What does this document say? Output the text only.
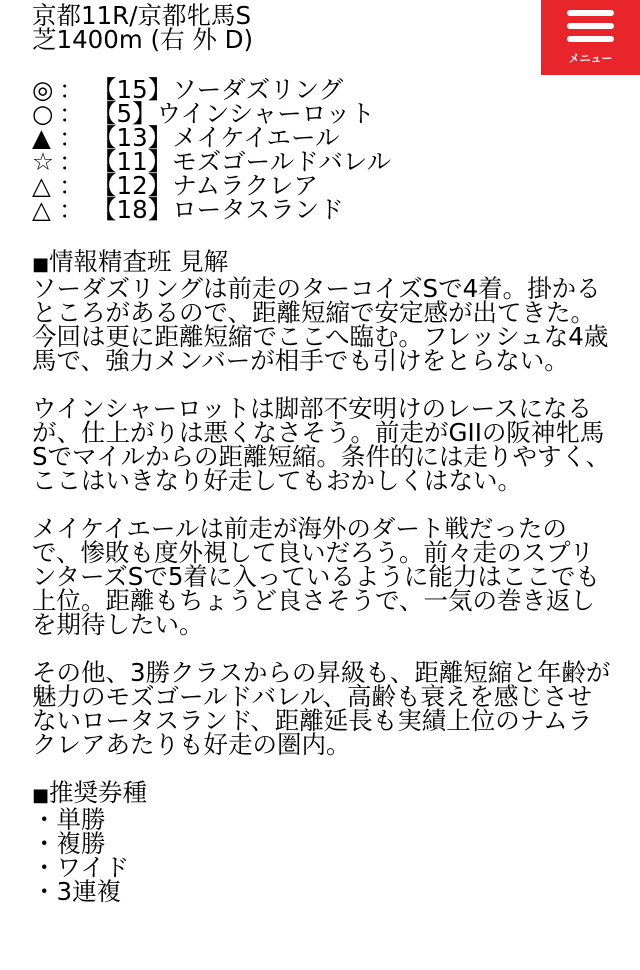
京都11R/京都牝馬S
芝1400m (右 外 D)
◎ ： 【15】 ソーダズリング
○ ： 【5】 ウインシャーロット
▲ ： 【13】 メイケイエール
☆ ： 【11】 モズゴールドバレル
△ ： 【12】 ナムラクレア
△ ： 【18】 ロータスランド
■情報精査班 見解

ソーダズリングは前走のターコイズSで4着。掛かるところがあるので、距離短縮で安定感が出てきた。今回は更に距離短縮でここへ臨む。フレッシュな4歳馬で、強力メンバーが相手でも引けをとらない。

ウインシャーロットは脚部不安明けのレースになるが、仕上がりは悪くなさそう。前走がGIIの阪神牝馬Sでマイルからの距離短縮。条件的には走りやすく、ここはいきなり好走してもおかしくはない。

メイケイエールは前走が海外のダート戦だったので、惨敗も度外視して良いだろう。前々走のスプリンターズSで5着に入っているように能力はここでも上位。距離もちょうど良さそうで、一気の巻き返しを期待したい。

その他、3勝クラスからの昇級も、距離短縮と年齢が魅力のモズゴールドバレル、高齢も衰えを感じさせないロータスランド、距離延長も実績上位のナムラクレアあたりも好走の圏内。

■推奨券種
・単勝
・複勝
・ワイド
・3連複
メニュー
